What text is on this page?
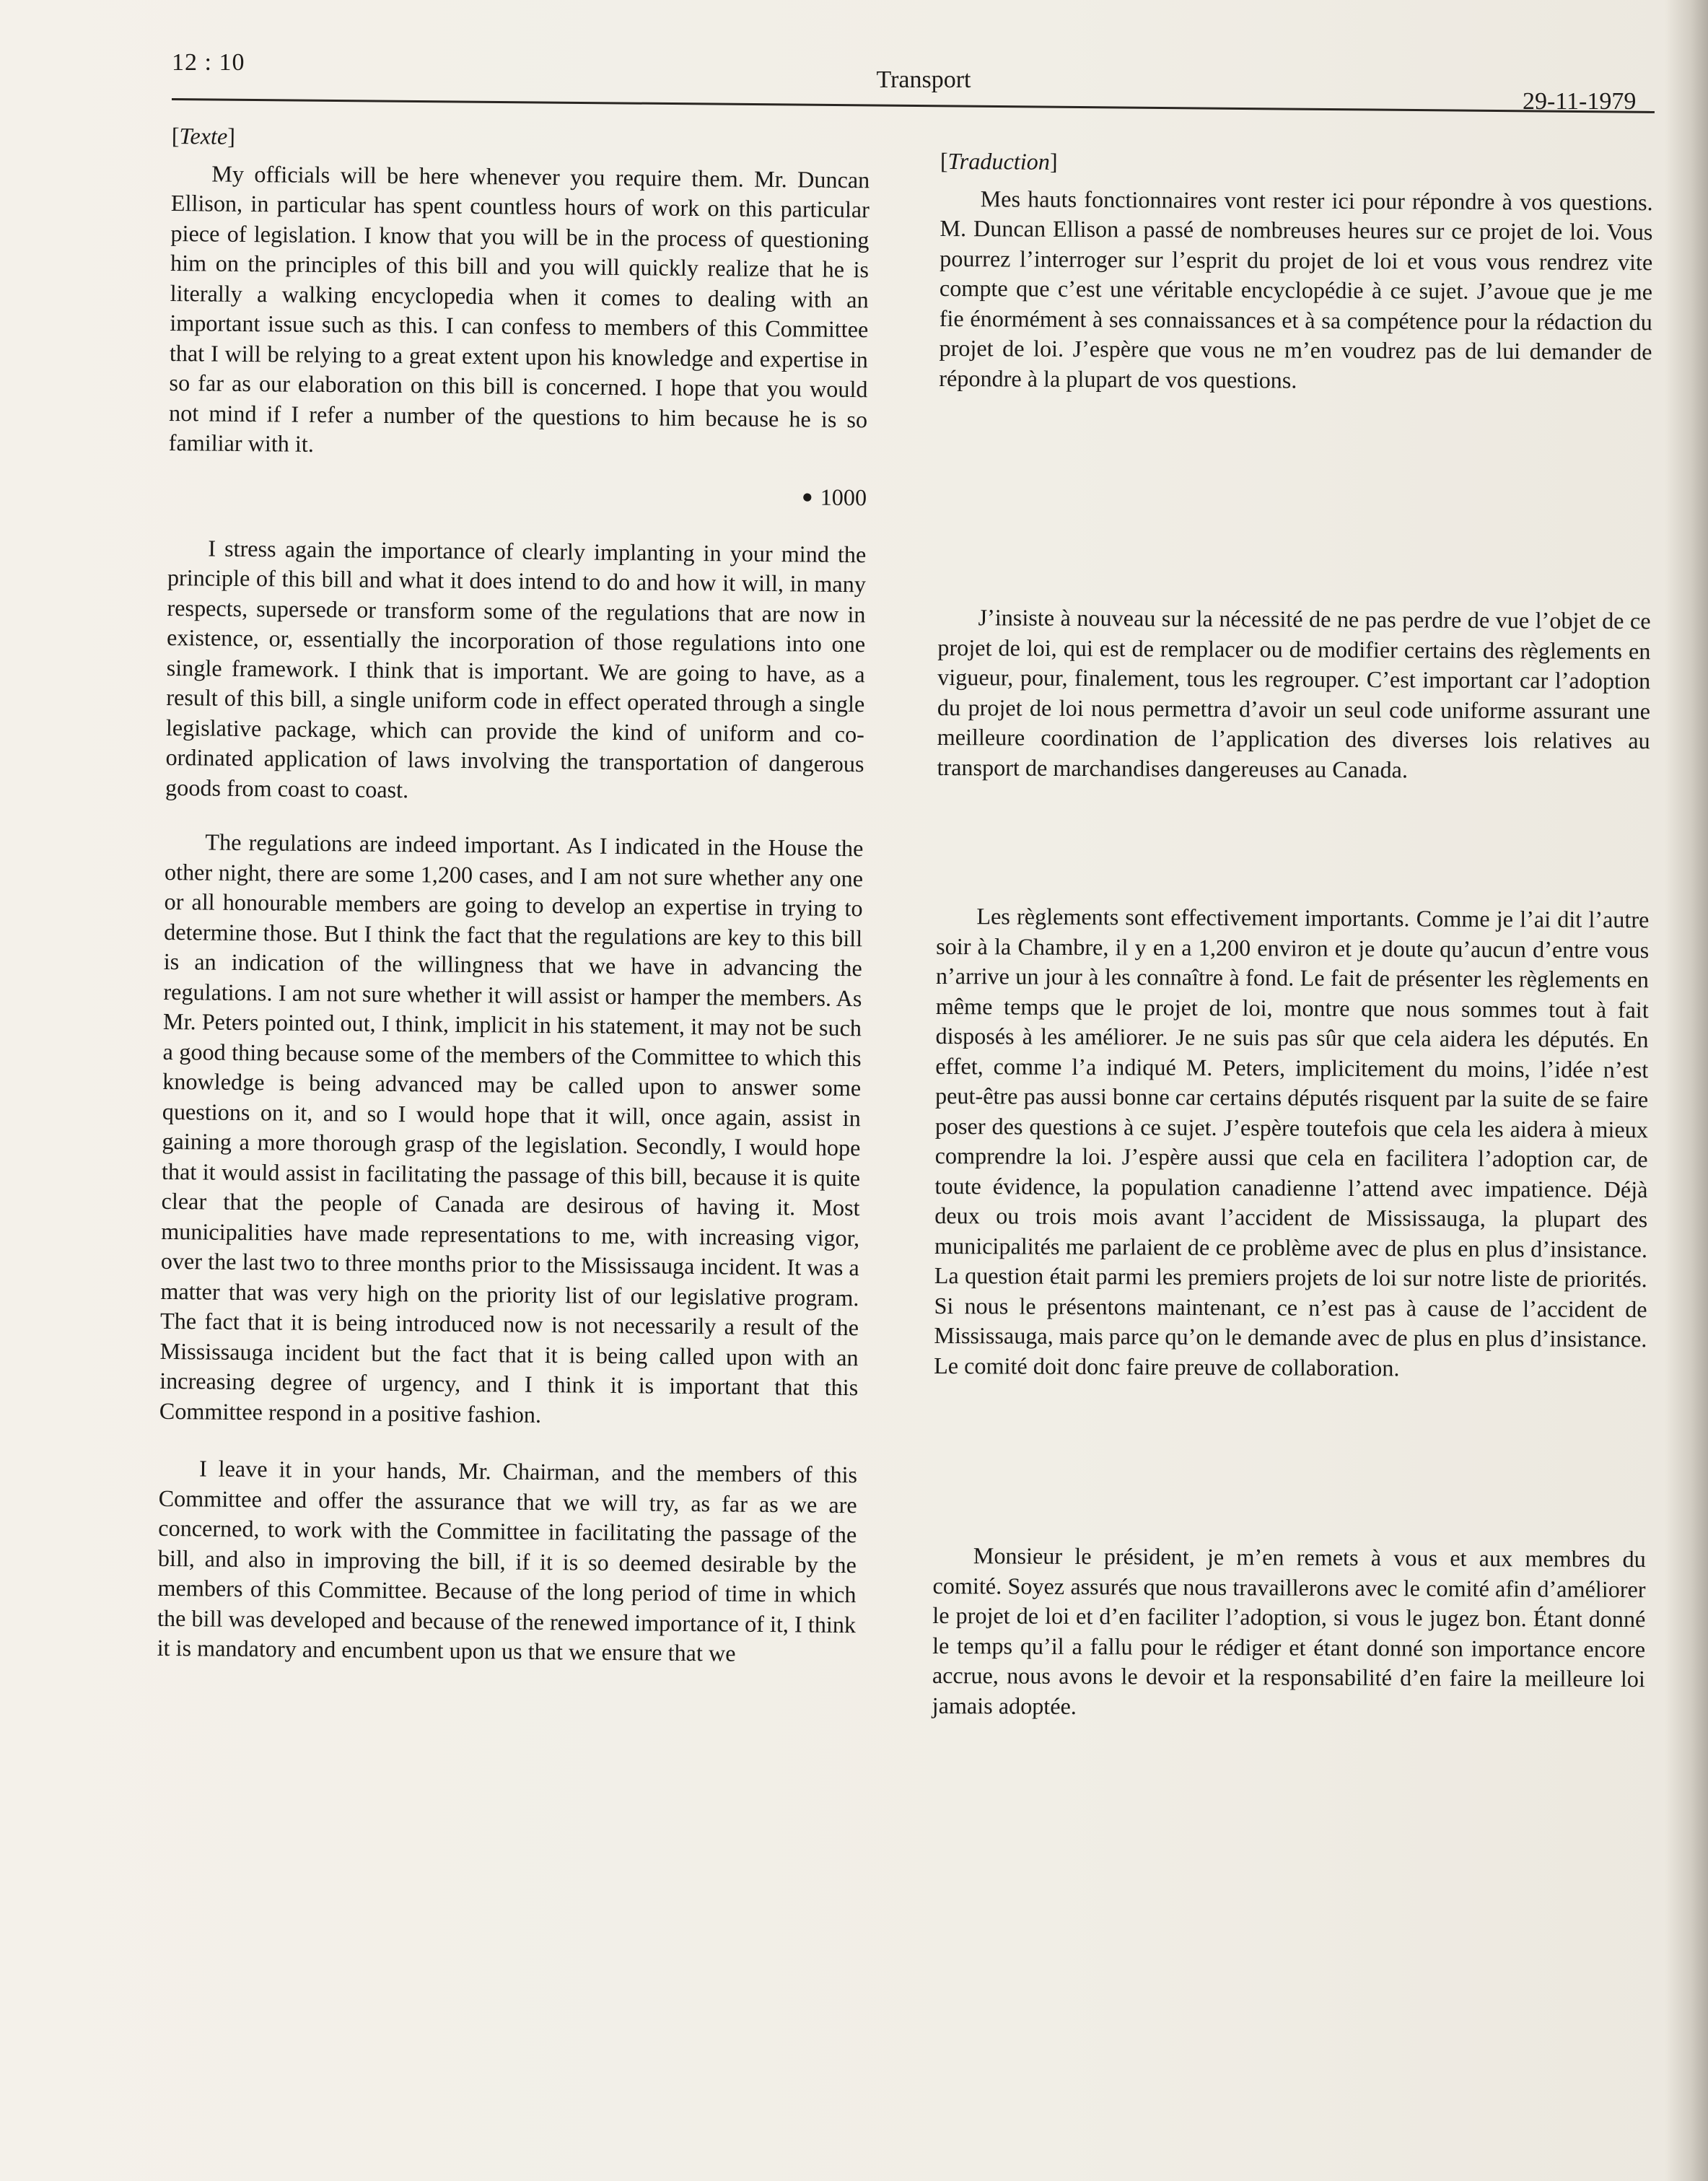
12 : 10
Transport
29-11-1979
[Texte]

My officials will be here whenever you require them. Mr. Duncan Ellison, in particular has spent countless hours of work on this particular piece of legislation. I know that you will be in the process of questioning him on the principles of this bill and you will quickly realize that he is literally a walking encyclopedia when it comes to dealing with an important issue such as this. I can confess to members of this Committee that I will be relying to a great extent upon his knowledge and expertise in so far as our elaboration on this bill is concerned. I hope that you would not mind if I refer a number of the questions to him because he is so familiar with it.

● 1000

I stress again the importance of clearly implanting in your mind the principle of this bill and what it does intend to do and how it will, in many respects, supersede or transform some of the regulations that are now in existence, or, essentially the incorporation of those regulations into one single framework. I think that is important. We are going to have, as a result of this bill, a single uniform code in effect operated through a single legislative package, which can provide the kind of uniform and co-ordinated application of laws involving the transportation of dangerous goods from coast to coast.

The regulations are indeed important. As I indicated in the House the other night, there are some 1,200 cases, and I am not sure whether any one or all honourable members are going to develop an expertise in trying to determine those. But I think the fact that the regulations are key to this bill is an indication of the willingness that we have in advancing the regulations. I am not sure whether it will assist or hamper the members. As Mr. Peters pointed out, I think, implicit in his statement, it may not be such a good thing because some of the members of the Committee to which this knowledge is being advanced may be called upon to answer some questions on it, and so I would hope that it will, once again, assist in gaining a more thorough grasp of the legislation. Secondly, I would hope that it would assist in facilitating the passage of this bill, because it is quite clear that the people of Canada are desirous of having it. Most municipalities have made representations to me, with increasing vigor, over the last two to three months prior to the Mississauga incident. It was a matter that was very high on the priority list of our legislative program. The fact that it is being introduced now is not necessarily a result of the Mississauga incident but the fact that it is being called upon with an increasing degree of urgency, and I think it is important that this Committee respond in a positive fashion.

I leave it in your hands, Mr. Chairman, and the members of this Committee and offer the assurance that we will try, as far as we are concerned, to work with the Committee in facilitating the passage of the bill, and also in improving the bill, if it is so deemed desirable by the members of this Committee. Because of the long period of time in which the bill was developed and because of the renewed importance of it, I think it is mandatory and encumbent upon us that we ensure that we

[Traduction]

Mes hauts fonctionnaires vont rester ici pour répondre à vos questions. M. Duncan Ellison a passé de nombreuses heures sur ce projet de loi. Vous pourrez l’interroger sur l’esprit du projet de loi et vous vous rendrez vite compte que c’est une véritable encyclopédie à ce sujet. J’avoue que je me fie énormément à ses connaissances et à sa compétence pour la rédaction du projet de loi. J’espère que vous ne m’en voudrez pas de lui demander de répondre à la plupart de vos questions.

J’insiste à nouveau sur la nécessité de ne pas perdre de vue l’objet de ce projet de loi, qui est de remplacer ou de modifier certains des règlements en vigueur, pour, finalement, tous les regrouper. C’est important car l’adoption du projet de loi nous permettra d’avoir un seul code uniforme assurant une meilleure coordination de l’application des diverses lois relatives au transport de marchandises dangereuses au Canada.

Les règlements sont effectivement importants. Comme je l’ai dit l’autre soir à la Chambre, il y en a 1,200 environ et je doute qu’aucun d’entre vous n’arrive un jour à les connaître à fond. Le fait de présenter les règlements en même temps que le projet de loi, montre que nous sommes tout à fait disposés à les améliorer. Je ne suis pas sûr que cela aidera les députés. En effet, comme l’a indiqué M. Peters, implicitement du moins, l’idée n’est peut-être pas aussi bonne car certains députés risquent par la suite de se faire poser des questions à ce sujet. J’espère toutefois que cela les aidera à mieux comprendre la loi. J’espère aussi que cela en facilitera l’adoption car, de toute évidence, la population canadienne l’attend avec impatience. Déjà deux ou trois mois avant l’accident de Mississauga, la plupart des municipalités me parlaient de ce problème avec de plus en plus d’insistance. La question était parmi les premiers projets de loi sur notre liste de priorités. Si nous le présentons maintenant, ce n’est pas à cause de l’accident de Mississauga, mais parce qu’on le demande avec de plus en plus d’insistance. Le comité doit donc faire preuve de collaboration.

Monsieur le président, je m’en remets à vous et aux membres du comité. Soyez assurés que nous travaillerons avec le comité afin d’améliorer le projet de loi et d’en faciliter l’adoption, si vous le jugez bon. Étant donné le temps qu’il a fallu pour le rédiger et étant donné son importance encore accrue, nous avons le devoir et la responsabilité d’en faire la meilleure loi jamais adoptée.
